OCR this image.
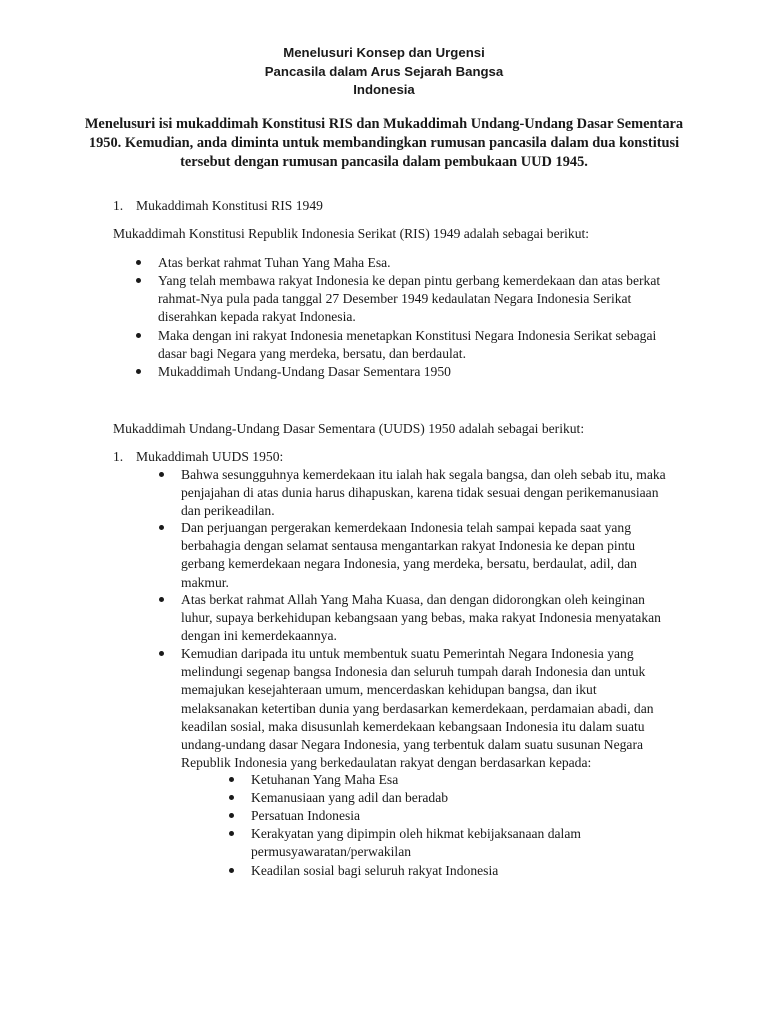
Menelusuri Konsep dan Urgensi
Pancasila dalam Arus Sejarah Bangsa
Indonesia
Menelusuri isi mukaddimah Konstitusi RIS dan Mukaddimah Undang-Undang Dasar Sementara
1950. Kemudian, anda diminta untuk membandingkan rumusan pancasila dalam dua konstitusi
tersebut dengan rumusan pancasila dalam pembukaan UUD 1945.
1. Mukaddimah Konstitusi RIS 1949
Mukaddimah Konstitusi Republik Indonesia Serikat (RIS) 1949 adalah sebagai berikut:
Atas berkat rahmat Tuhan Yang Maha Esa.
Yang telah membawa rakyat Indonesia ke depan pintu gerbang kemerdekaan dan atas berkat
rahmat-Nya pula pada tanggal 27 Desember 1949 kedaulatan Negara Indonesia Serikat
diserahkan kepada rakyat Indonesia.
Maka dengan ini rakyat Indonesia menetapkan Konstitusi Negara Indonesia Serikat sebagai
dasar bagi Negara yang merdeka, bersatu, dan berdaulat.
Mukaddimah Undang-Undang Dasar Sementara 1950
Mukaddimah Undang-Undang Dasar Sementara (UUDS) 1950 adalah sebagai berikut:
1. Mukaddimah UUDS 1950:
Bahwa sesungguhnya kemerdekaan itu ialah hak segala bangsa, dan oleh sebab itu, maka
penjajahan di atas dunia harus dihapuskan, karena tidak sesuai dengan perikemanusiaan
dan perikeadilan.
Dan perjuangan pergerakan kemerdekaan Indonesia telah sampai kepada saat yang
berbahagia dengan selamat sentausa mengantarkan rakyat Indonesia ke depan pintu
gerbang kemerdekaan negara Indonesia, yang merdeka, bersatu, berdaulat, adil, dan
makmur.
Atas berkat rahmat Allah Yang Maha Kuasa, dan dengan didorongkan oleh keinginan
luhur, supaya berkehidupan kebangsaan yang bebas, maka rakyat Indonesia menyatakan
dengan ini kemerdekaannya.
Kemudian daripada itu untuk membentuk suatu Pemerintah Negara Indonesia yang
melindungi segenap bangsa Indonesia dan seluruh tumpah darah Indonesia dan untuk
memajukan kesejahteraan umum, mencerdaskan kehidupan bangsa, dan ikut
melaksanakan ketertiban dunia yang berdasarkan kemerdekaan, perdamaian abadi, dan
keadilan sosial, maka disusunlah kemerdekaan kebangsaan Indonesia itu dalam suatu
undang-undang dasar Negara Indonesia, yang terbentuk dalam suatu susunan Negara
Republik Indonesia yang berkedaulatan rakyat dengan berdasarkan kepada:
Ketuhanan Yang Maha Esa
Kemanusiaan yang adil dan beradab
Persatuan Indonesia
Kerakyatan yang dipimpin oleh hikmat kebijaksanaan dalam
permusyawaratan/perwakilan
Keadilan sosial bagi seluruh rakyat Indonesia
